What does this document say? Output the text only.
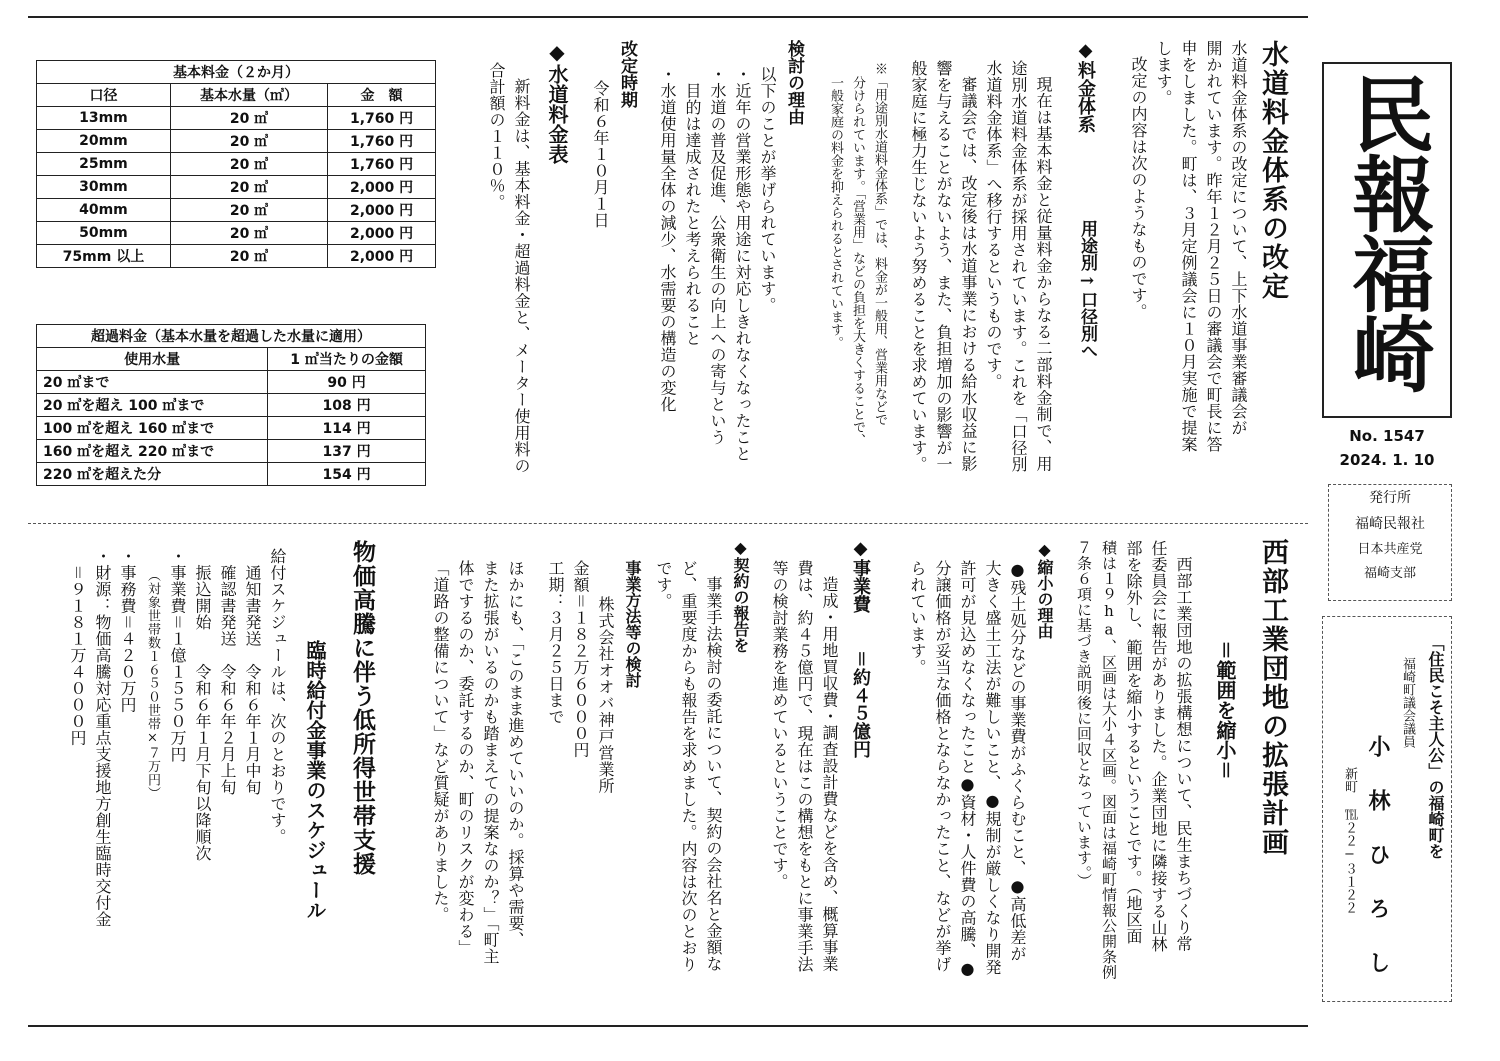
民報福崎
No. 1547
2024. 1. 10
発行所
福崎民報社
日本共産党
福崎支部
「住民こそ主人公」の福崎町を
福崎町議会議員
小 林 ひ ろ し
新町 ℡２２−３１２２
水道料金体系の改定
水道料金体系の改定について、上下水道事業審議会が
開かれています。昨年１２月２５日の審議会で町長に答
申をしました。町は、３月定例議会に１０月実施で提案
します。
改定の内容は次のようなものです。
◆料金体系
用途別→口径別へ
現在は基本料金と従量料金からなる二部料金制で、用
途別水道料金体系が採用されています。これを「口径別
水道料金体系」へ移行するというものです。
審議会では、改定後は水道事業における給水収益に影
響を与えることがないよう、また、負担増加の影響が一
般家庭に極力生じないよう努めることを求めています。
※「用途別水道料金体系」では、料金が一般用、営業用などで
分けられています。「営業用」などの負担を大きくすることで、
一般家庭の料金を抑えられるとされています。
検討の理由
以下のことが挙げられています。
・近年の営業形態や用途に対応しきれなくなったこと
・水道の普及促進、公衆衛生の向上への寄与という
　目的は達成されたと考えられること
・水道使用量全体の減少、水需要の構造の変化
改定時期
令和６年１０月１日
◆水道料金表
新料金は、基本料金・超過料金と、メーター使用料の
合計額の１１０％。
基本料金（２か月）		
口径	基本水量（㎥）	金　額
13mm	20 ㎥	1,760 円
20mm	20 ㎥	1,760 円
25mm	20 ㎥	1,760 円
30mm	20 ㎥	2,000 円
40mm	20 ㎥	2,000 円
50mm	20 ㎥	2,000 円
75mm 以上	20 ㎥	2,000 円
超過料金（基本水量を超過した水量に適用）	
使用水量	1 ㎥当たりの金額
20 ㎥まで	90 円
20 ㎥を超え 100 ㎥まで	108 円
100 ㎥を超え 160 ㎥まで	114 円
160 ㎥を超え 220 ㎥まで	137 円
220 ㎥を超えた分	154 円
西部工業団地の拡張計画
＝範囲を縮小＝
西部工業団地の拡張構想について、民生まちづくり常
任委員会に報告がありました。企業団地に隣接する山林
部を除外し、範囲を縮小するということです。（地区面
積は１９ha、区画は大小４区画。図面は福崎町情報公開条例
７条６項に基づき説明後に回収となっています。）
◆縮小の理由
●残土処分などの事業費がふくらむこと、●高低差が
大きく盛土工法が難しいこと、●規制が厳しくなり開発
許可が見込めなくなったこと●資材・人件費の高騰、●
分譲価格が妥当な価格とならなかったこと、などが挙げ
られています。
◆事業費
＝約４５億円
造成・用地買収費・調査設計費などを含め、概算事業
費は、約４５億円で、現在はこの構想をもとに事業手法
等の検討業務を進めているということです。
◆契約の報告を
事業手法検討の委託について、契約の会社名と金額な
ど、重要度からも報告を求めました。内容は次のとおり
です。
事業方法等の検討
株式会社オオバ神戸営業所
金額＝１８２万６０００円
工期：３月２５日まで
ほかにも、「このまま進めていいのか。採算や需要、
また拡張がいるのかも踏まえての提案なのか？」「町主
体でするのか、委託するのか、町のリスクが変わる」
「道路の整備について」など質疑がありました。
物価高騰に伴う低所得世帯支援
臨時給付金事業のスケジュール
給付スケジュールは、次のとおりです。
　通知書発送　令和６年１月中旬
　確認書発送　令和６年２月上旬
　振込開始　　令和６年１月下旬以降順次
・事業費＝１億１５５０万円
　　（対象世帯数１６５０世帯×７万円）
・事務費＝４２０万円
・財源：物価高騰対応重点支援地方創生臨時交付金
　＝９１８１万４０００円
